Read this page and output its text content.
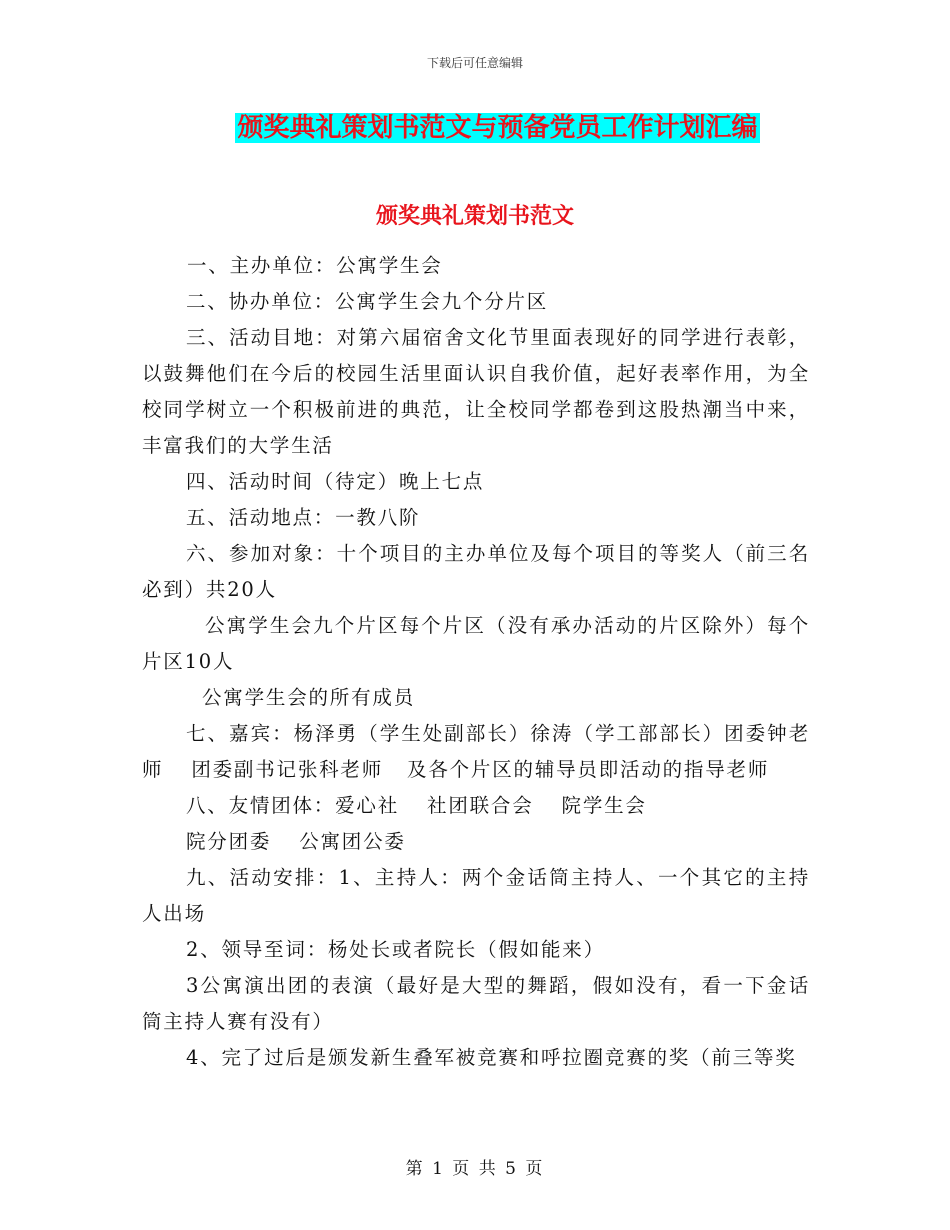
下载后可任意编辑
颁奖典礼策划书范文与预备党员工作计划汇编
颁奖典礼策划书范文

一、主办单位：公寓学生会

二、协办单位：公寓学生会九个分片区

三、活动目地：对第六届宿舍文化节里面表现好的同学进行表彰，以鼓舞他们在今后的校园生活里面认识自我价值，起好表率作用，为全校同学树立一个积极前进的典范，让全校同学都卷到这股热潮当中来，丰富我们的大学生活

四、活动时间（待定）晚上七点

五、活动地点：一教八阶

六、参加对象：十个项目的主办单位及每个项目的等奖人（前三名必到）共20人

公寓学生会九个片区每个片区（没有承办活动的片区除外）每个片区10人

公寓学生会的所有成员

七、嘉宾：杨泽勇（学生处副部长）徐涛（学工部部长）团委钟老师 团委副书记张科老师 及各个片区的辅导员即活动的指导老师

八、友情团体：爱心社 社团联合会 院学生会

院分团委 公寓团公委

九、活动安排：1、主持人：两个金话筒主持人、一个其它的主持人出场

2、领导至词：杨处长或者院长（假如能来）

3公寓演出团的表演（最好是大型的舞蹈，假如没有，看一下金话筒主持人赛有没有）

4、完了过后是颁发新生叠军被竞赛和呼拉圈竞赛的奖（前三等奖

第 1 页 共 5 页
